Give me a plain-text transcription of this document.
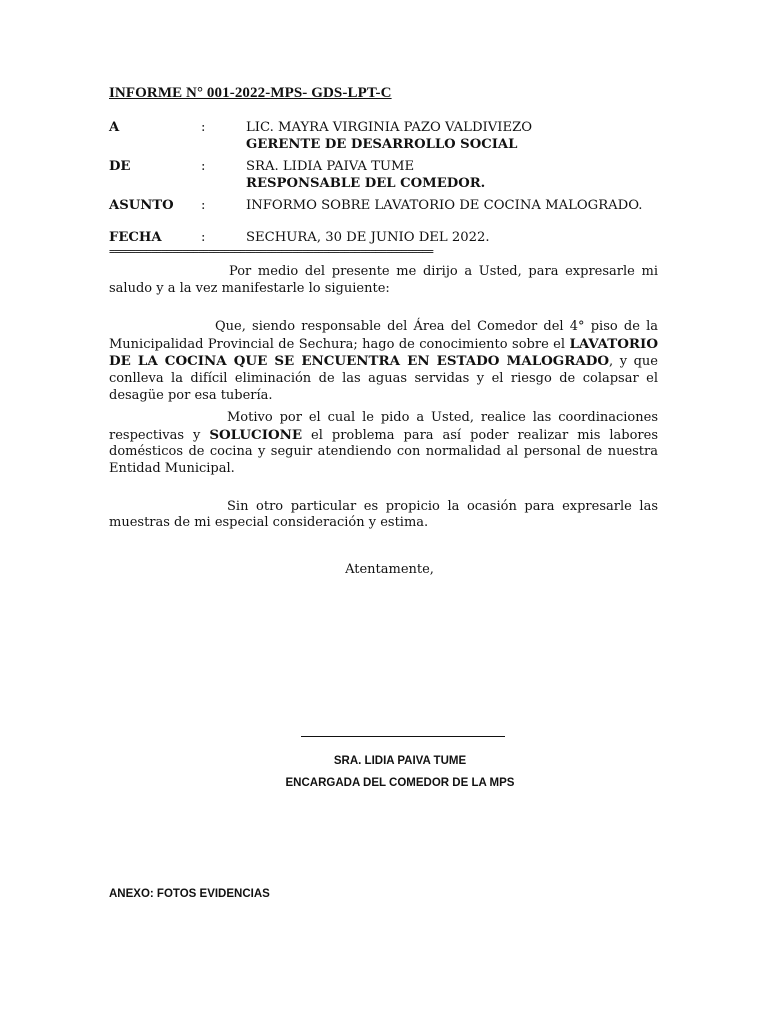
INFORME N° 001-2022-MPS- GDS-LPT-C

A	:	LIC. MAYRA VIRGINIA PAZO VALDIVIEZO
GERENTE DE DESARROLLO SOCIAL
DE	:	SRA. LIDIA PAIVA TUME
RESPONSABLE DEL COMEDOR.
ASUNTO :	INFORMO SOBRE LAVATORIO DE COCINA MALOGRADO.
FECHA	:	SECHURA, 30 DE JUNIO DEL 2022.
==============================================================

Por medio del presente me dirijo a Usted, para expresarle mi saludo y a la vez manifestarle lo siguiente:

Que, siendo responsable del Área del Comedor del 4° piso de la Municipalidad Provincial de Sechura; hago de conocimiento sobre el LAVATORIO DE LA COCINA QUE SE ENCUENTRA EN ESTADO MALOGRADO, y que conlleva la difícil eliminación de las aguas servidas y el riesgo de colapsar el desagüe por esa tubería.

Motivo por el cual le pido a Usted, realice las coordinaciones respectivas y SOLUCIONE el problema para así poder realizar mis labores domésticos de cocina y seguir atendiendo con normalidad al personal de nuestra Entidad Municipal.

Sin otro particular es propicio la ocasión para expresarle las muestras de mi especial consideración y estima.

Atentamente,
SRA. LIDIA PAIVA TUME
ENCARGADA DEL COMEDOR DE LA MPS
ANEXO: FOTOS EVIDENCIAS
